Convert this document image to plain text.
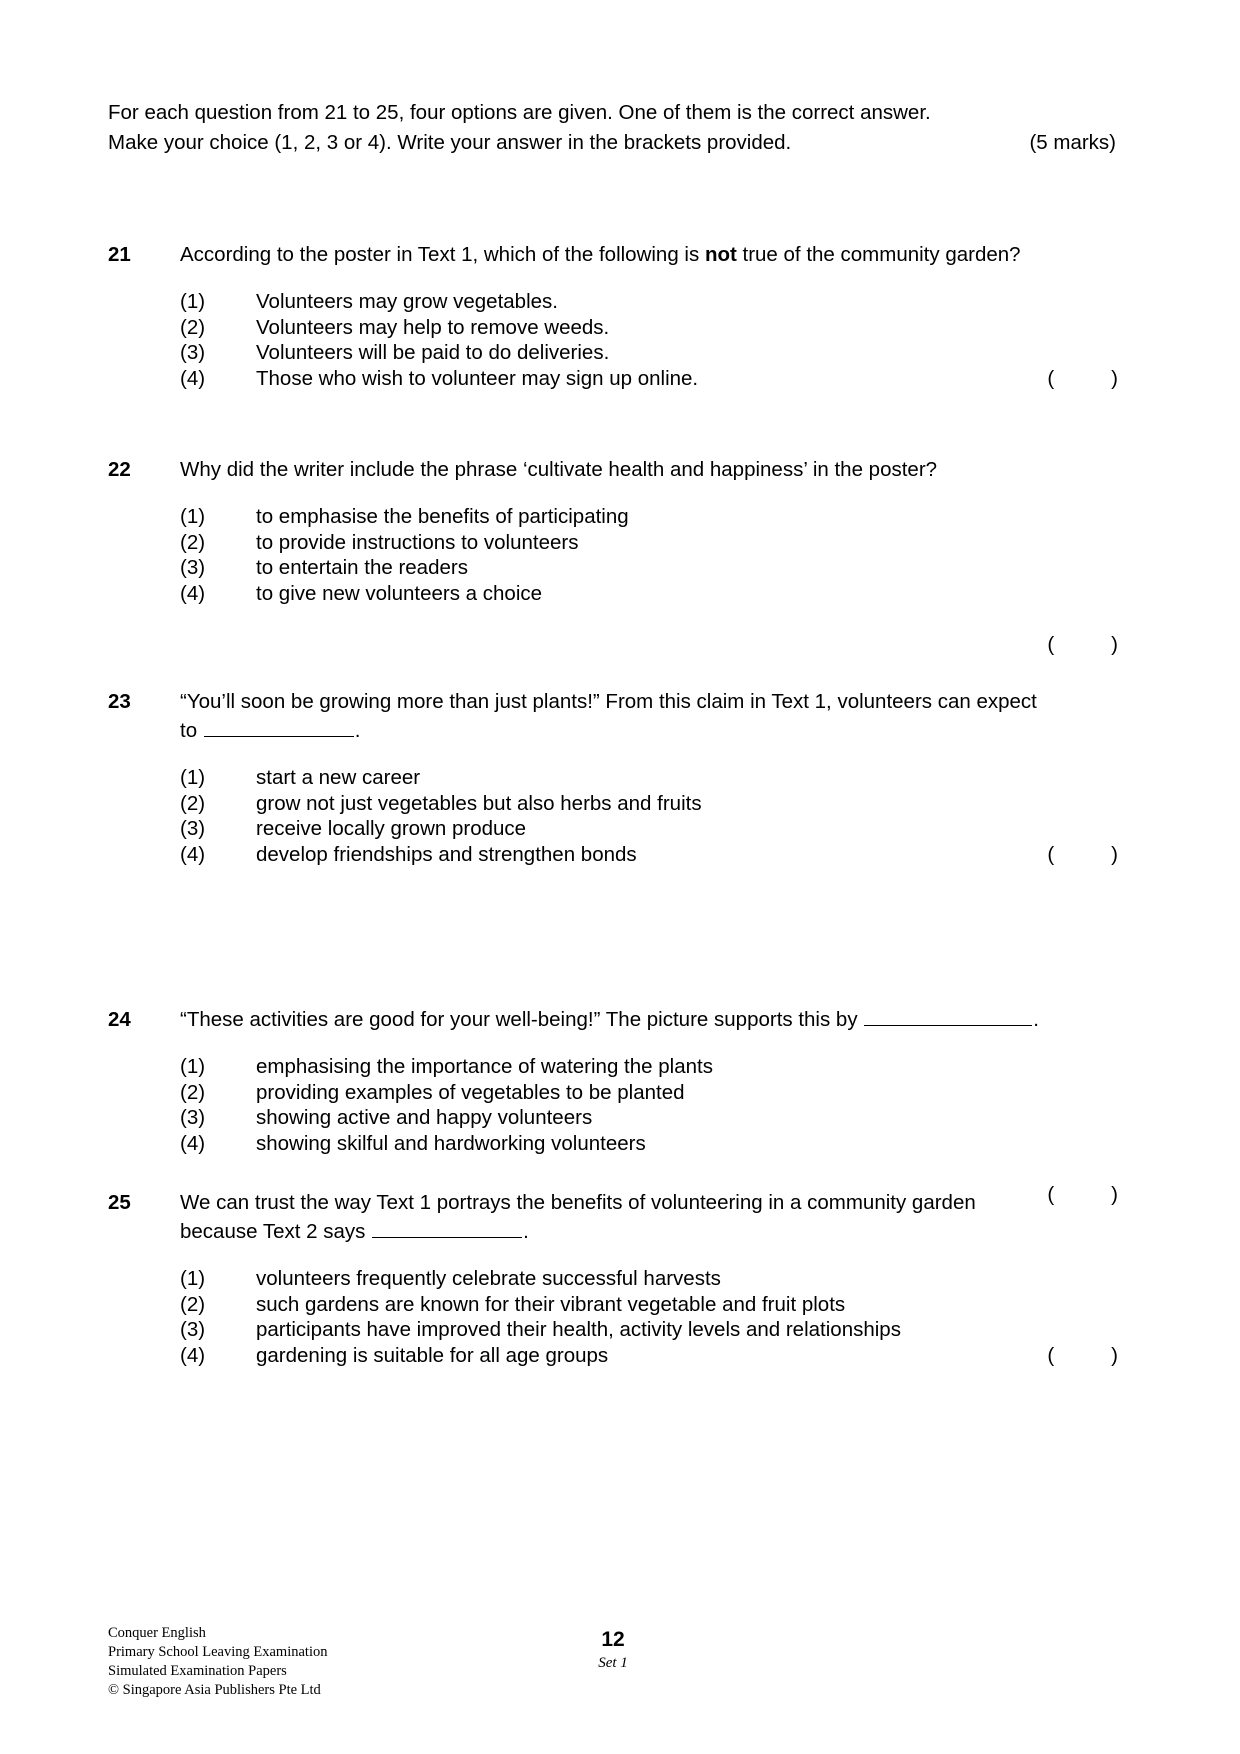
For each question from 21 to 25, four options are given. One of them is the correct answer.
Make your choice (1, 2, 3 or 4). Write your answer in the brackets provided.	(5 marks)
21	According to the poster in Text 1, which of the following is not true of the community garden?
(1)	Volunteers may grow vegetables.
(2)	Volunteers may help to remove weeds.
(3)	Volunteers will be paid to do deliveries.
(4)	Those who wish to volunteer may sign up online.	(          )
22	Why did the writer include the phrase ‘cultivate health and happiness’ in the poster?
(1)	to emphasise the benefits of participating
(2)	to provide instructions to volunteers
(3)	to entertain the readers
(4)	to give new volunteers a choice
(          )
23	“You’ll soon be growing more than just plants!” From this claim in Text 1, volunteers can expect
to	.
(1)	start a new career
(2)	grow not just vegetables but also herbs and fruits
(3)	receive locally grown produce
(4)	develop friendships and strengthen bonds	(          )
24	“These activities are good for your well-being!” The picture supports this by	.
(1)	emphasising the importance of watering the plants
(2)	providing examples of vegetables to be planted
(3)	showing active and happy volunteers
(4)	showing skilful and hardworking volunteers
(          )
25	We can trust the way Text 1 portrays the benefits of volunteering in a community garden
because Text 2 says	.
(1)	volunteers frequently celebrate successful harvests
(2)	such gardens are known for their vibrant vegetable and fruit plots
(3)	participants have improved their health, activity levels and relationships
(4)	gardening is suitable for all age groups	(          )
Conquer English
Primary School Leaving Examination
Simulated Examination Papers
© Singapore Asia Publishers Pte Ltd
12
Set 1
